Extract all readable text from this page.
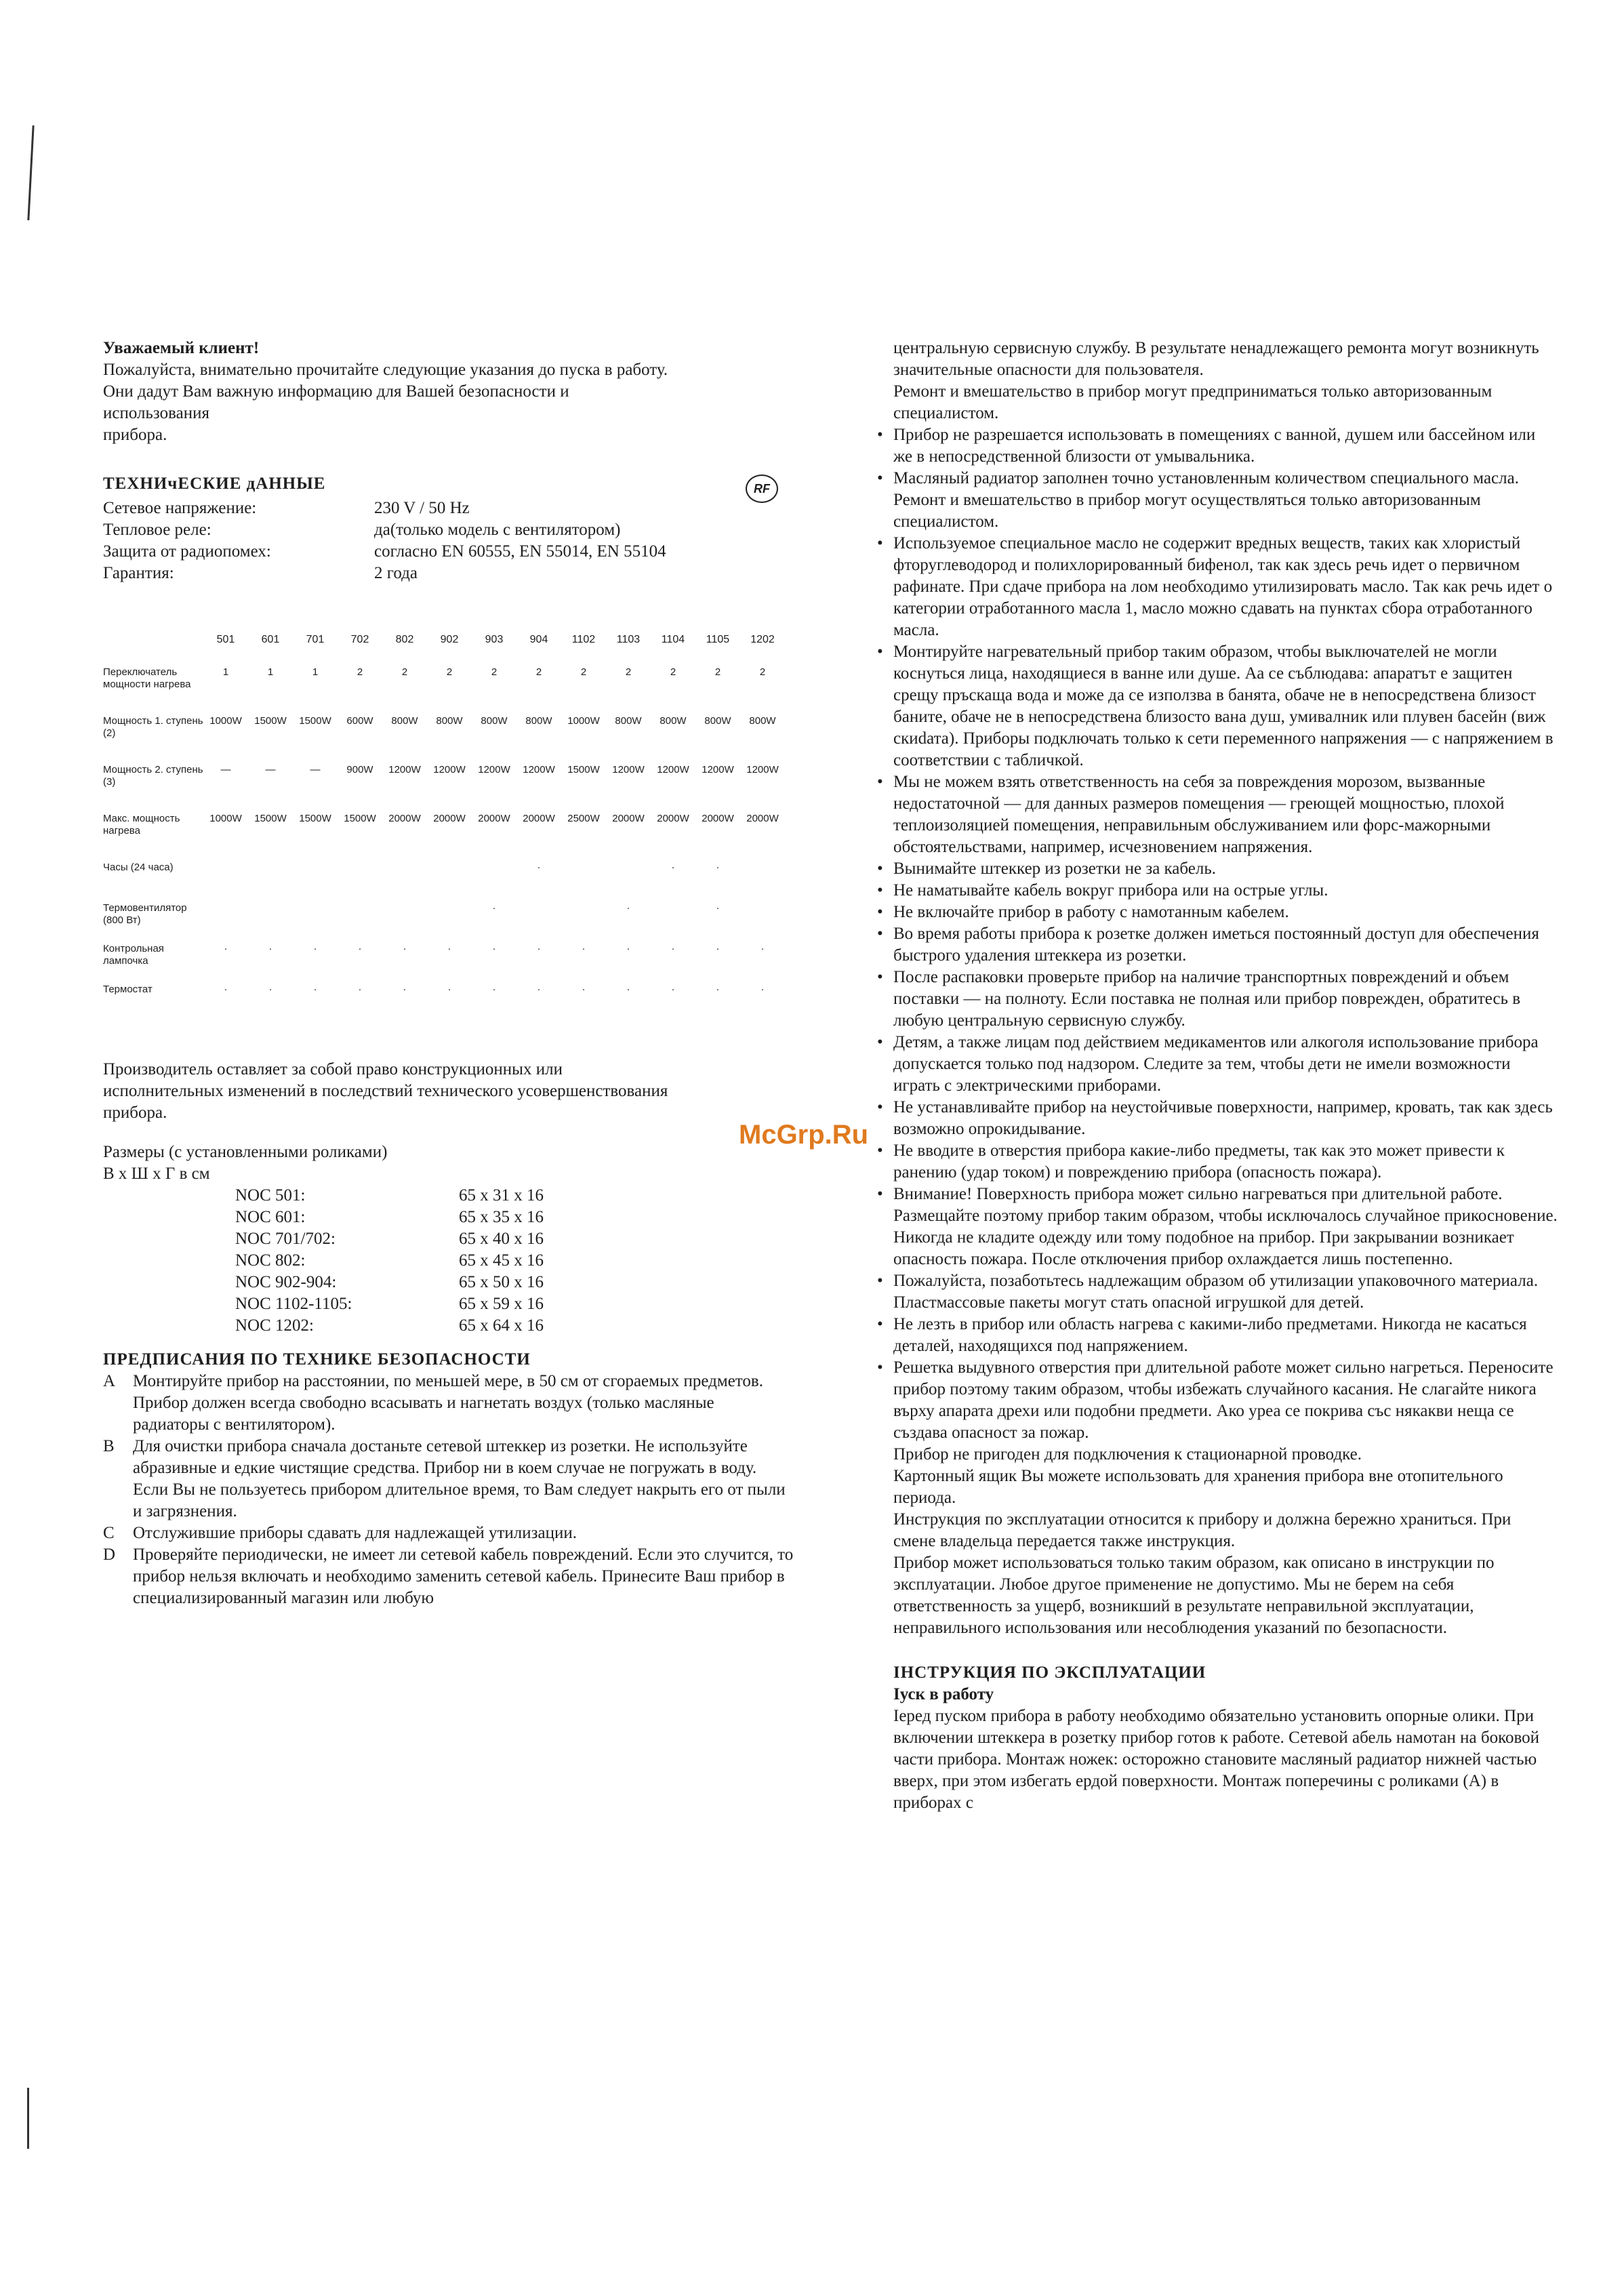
RF

Уважаемый клиент!

Пожалуйста, внимательно прочитайте следующие указания до пуска в работу.

Они дадут Вам важную информацию для Вашей безопасности и

использования

прибора.

ТЕХНИчЕСКИЕ дАННЫЕ

Сетевое напряжение:	230 V / 50 Hz
Тепловое реле:	да(только модель с вентилятором)
Защита от радиопомех:	согласно EN 60555, EN 55014, EN 55104
Гарантия:	2 года
	501	601	701	702	802	902	903	904	1102	1103	1104	1105	1202
Переключатель мощности нагрева	1	1	1	2	2	2	2	2	2	2	2	2	2
Мощность 1. ступень (2)	1000W	1500W	1500W	600W	800W	800W	800W	800W	1000W	800W	800W	800W	800W
Мощность 2. ступень (3)	—	—	—	900W	1200W	1200W	1200W	1200W	1500W	1200W	1200W	1200W	1200W
Макс. мощность нагрева	1000W	1500W	1500W	1500W	2000W	2000W	2000W	2000W	2500W	2000W	2000W	2000W	2000W
Часы (24 часа)								·			·	·	
Термовентилятор (800 Вт)							·			·		·	
Контрольная лампочка	·	·	·	·	·	·	·	·	·	·	·	·	·
Термостат	·	·	·	·	·	·	·	·	·	·	·	·	·

Производитель оставляет за собой право конструкционных или

исполнительных изменений в последствий технического усовершенствования

прибора.

Размеры (с установленными роликами)

В x Ш x Г в см

NOC 501:	65 x 31 x 16
NOC 601:	65 x 35 x 16
NOC 701/702:	65 x 40 x 16
NOC 802:	65 x 45 x 16
NOC 902-904:	65 x 50 x 16
NOC 1102-1105:	65 x 59 x 16
NOC 1202:	65 x 64 x 16

ПРЕДПИСАНИЯ ПО ТЕХНИКЕ БЕЗОПАСНОСТИ

А	Монтируйте прибор на расстоянии, по меньшей мере, в 50 см от сгораемых предметов. Прибор должен всегда свободно всасывать и нагнетать воздух (только масляные радиаторы с вентилятором).
В	Для очистки прибора сначала достаньте сетевой штеккер из розетки. Не используйте абразивные и едкие чистящие средства. Прибор ни в коем случае не погружать в воду. Если Вы не пользуетесь прибором длительное время, то Вам следует накрыть его от пыли и загрязнения.
С	Отслужившие приборы сдавать для надлежащей утилизации.
D	Проверяйте периодически, не имеет ли сетевой кабель повреждений. Если это случится, то прибор нельзя включать и необходимо заменить сетевой кабель. Принесите Ваш прибор в специализированный магазин или любую

центральную сервисную службу. В результате ненадлежащего ремонта могут возникнуть значительные опасности для пользователя.

Ремонт и вмешательство в прибор могут предприниматься только авторизованным специалистом.

• Прибор не разрешается использовать в помещениях с ванной, душем или бассейном или же в непосредственной близости от умывальника.

• Масляный радиатор заполнен точно установленным количеством специального масла. Ремонт и вмешательство в прибор могут осуществляться только авторизованным специалистом.

• Используемое специальное масло не содержит вредных веществ, таких как хлористый фторуглеводород и полихлорированный бифенол, так как здесь речь идет о первичном рафинате. При сдаче прибора на лом необходимо утилизировать масло. Так как речь идет о категории отработанного масла 1, масло можно сдавать на пунктах сбора отработанного масла.

• Монтируйте нагревательный прибор таким образом, чтобы выключателей не могли коснуться лица, находящиеся в ванне или душе. Аа се съблюдава: апаратът е защитен срещу пръскаща вода и може да се използва в банята, обаче не в непосредствена близост банитe, обаче не в непосредствена близосто вана душ, умивалник или плувен басейн (виж скиdата). Приборы подключать только к сети переменного напряжения — с напряжением в соответствии с табличкой.

• Мы не можем взять ответственность на себя за повреждения морозом, вызванные недостаточной — для данных размеров помещения — греющей мощностью, плохой теплоизоляцией помещения, неправильным обслуживанием или форс-мажорными обстоятельствами, например, исчезновением напряжения.

• Вынимайте штеккер из розетки не за кабель.

• Не наматывайте кабель вокруг прибора или на острые углы.

• Не включайте прибор в работу с намотанным кабелем.

• Во время работы прибора к розетке должен иметься постоянный доступ для обеспечения быстрого удаления штеккера из розетки.

• После распаковки проверьте прибор на наличие транспортных повреждений и объем поставки — на полноту. Если поставка не полная или прибор поврежден, обратитесь в любую центральную сервисную службу.

• Детям, а также лицам под действием медикаментов или алкоголя использование прибора допускается только под надзором. Следите за тем, чтобы дети не имели возможности играть с электрическими приборами.

• Не устанавливайте прибор на неустойчивые поверхности, например, кровать, так как здесь возможно опрокидывание.

• Не вводите в отверстия прибора какие-либо предметы, так как это может привести к ранению (удар током) и повреждению прибора (опасность пожара).

• Внимание! Поверхность прибора может сильно нагреваться при длительной работе. Размещайте поэтому прибор таким образом, чтобы исключалось случайное прикосновение. Никогда не кладите одежду или тому подобное на прибор. При закрывании возникает опасность пожара. После отключения прибор охлаждается лишь постепенно.

• Пожалуйста, позаботьтесь надлежащим образом об утилизации упаковочного материала. Пластмассовые пакеты могут стать опасной игрушкой для детей.

• Не лезть в прибор или область нагрева с какими-либо предметами. Никогда не касаться деталей, находящихся под напряжением.

• Решетка выдувного отверстия при длительной работе может сильно нагреться. Переносите прибор поэтому таким образом, чтобы избежать случайного касания. Не слагайте никога върху апарата дрехи или подобни предмети. Ако уреа се покрива със някакви неща се създава опасност за пожар.

Прибор не пригоден для подключения к стационарной проводке.

Картонный ящик Вы можете использовать для хранения прибора вне отопительного периода.

Инструкция по эксплуатации относится к прибору и должна бережно храниться. При смене владельца передается также инструкция.

Прибор может использоваться только таким образом, как описано в инструкции по эксплуатации. Любое другое применение не допустимо. Мы не берем на себя ответственность за ущерб, возникший в результате неправильной эксплуатации, неправильного использования или несоблюдения указаний по безопасности.

ІНСТРУКЦИЯ ПО ЭКСПЛУАТАЦИИ

Іуск в работу

Іеред пуском прибора в работу необходимо обязательно установить опорные олики. При включении штеккера в розетку прибор готов к работе. Сетевой абель намотан на боковой части прибора. Монтаж ножек: осторожно становите масляный радиатор нижней частью вверх, при этом избегать ердой поверхности. Монтаж поперечины с роликами (А) в приборах с

McGrp.Ru
